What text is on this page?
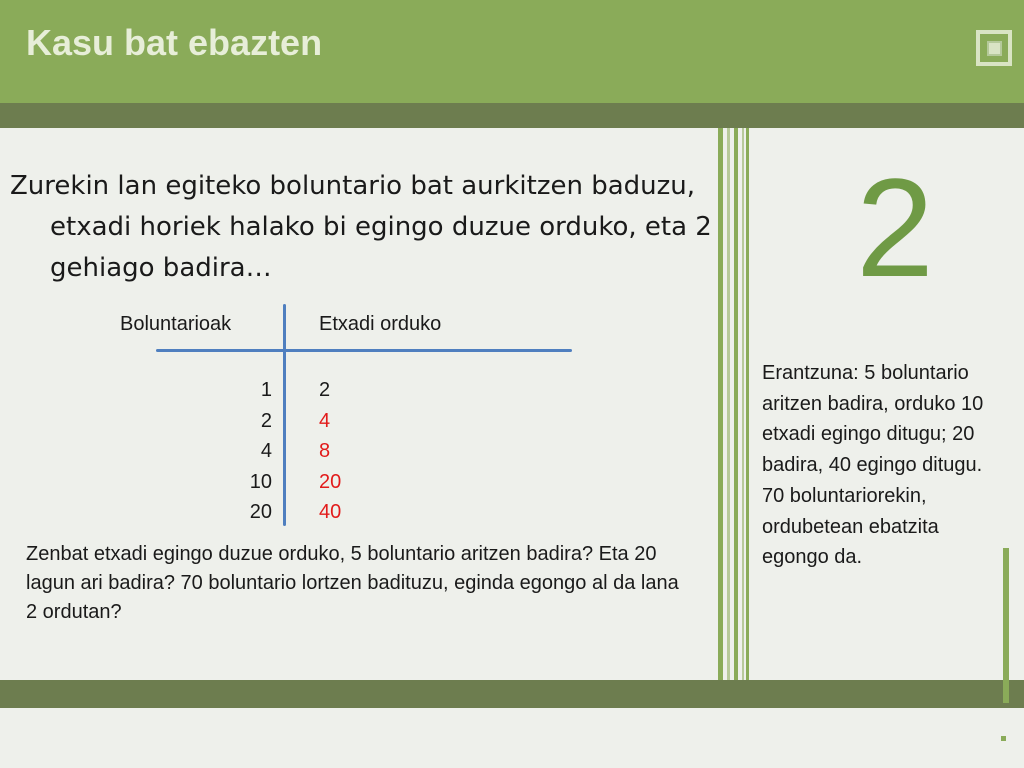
Kasu bat ebazten

Zurekin lan egiteko boluntario bat aurkitzen baduzu, etxadi horiek halako bi egingo duzue orduko, eta 2 gehiago badira…	2
Boluntarioak	Etxadi orduko
1
2
4
10
20
2
4
8
20
40

Zenbat etxadi egingo duzue orduko, 5 boluntario aritzen badira? Eta 20 lagun ari badira? 70 boluntario lortzen badituzu, eginda egongo al da lana 2 ordutan?

Erantzuna: 5 boluntario aritzen badira, orduko 10 etxadi egingo ditugu; 20 badira, 40 egingo ditugu. 70 boluntariorekin, ordubetean ebatzita egongo da.
